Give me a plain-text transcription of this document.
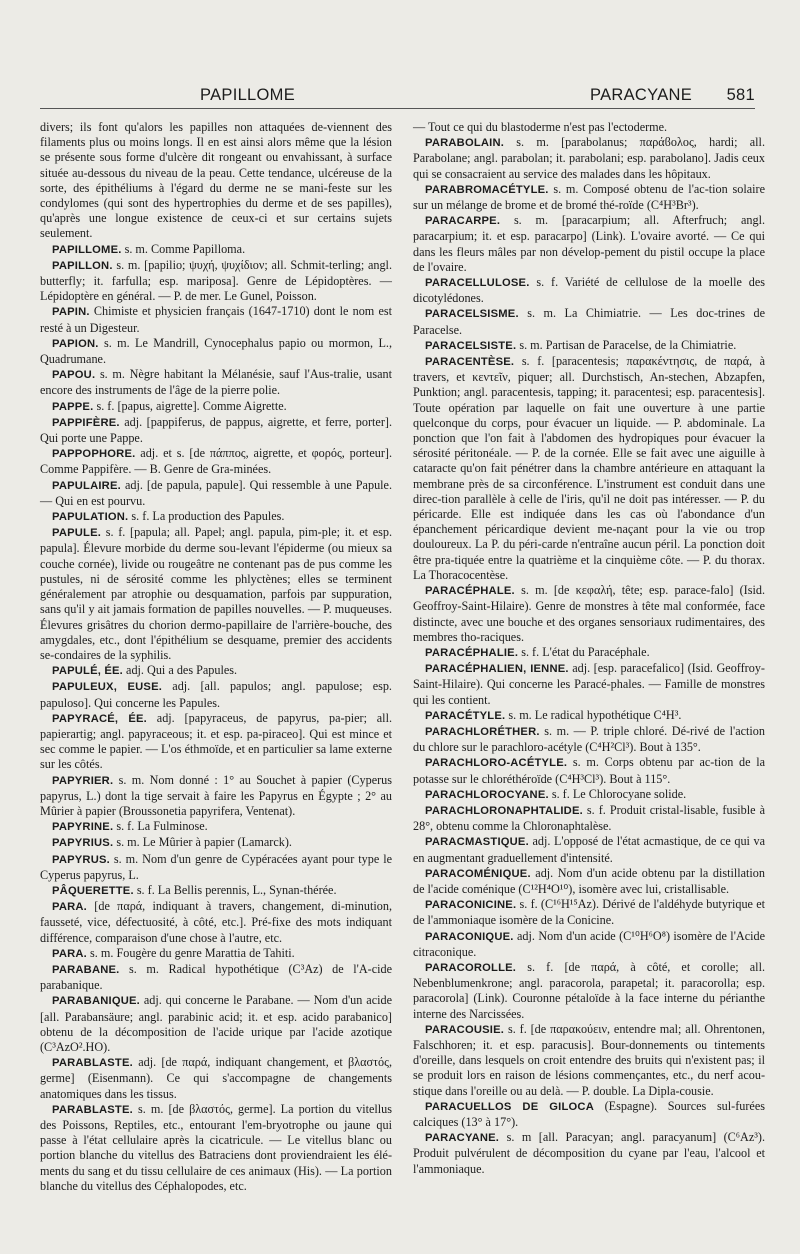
PAPILLOME	PARACYANE 581

divers; ils font qu'alors les papilles non attaquées de-viennent des filaments plus ou moins longs. Il en est ainsi alors même que la lésion se présente sous forme d'ulcère dit rongeant ou envahissant, à surface située au-dessous du niveau de la peau. Cette tendance, ulcéreuse de la sorte, des épithéliums à l'égard du derme ne se mani-feste sur les condylomes (qui sont des hypertrophies du derme et de ses papilles), qu'après une longue existence de ceux-ci et sur certains sujets seulement.

PAPILLOME. s. m. Comme Papilloma.

PAPILLON. s. m. [papilio; ψυχή, ψυχίδιον; all. Schmit-terling; angl. butterfly; it. farfulla; esp. mariposa]. Genre de Lépidoptères. — Lépidoptère en général. — P. de mer. Le Gunel, Poisson.

PAPIN. Chimiste et physicien français (1647-1710) dont le nom est resté à un Digesteur.

PAPION. s. m. Le Mandrill, Cynocephalus papio ou mormon, L., Quadrumane.

PAPOU. s. m. Nègre habitant la Mélanésie, sauf l'Aus-tralie, usant encore des instruments de l'âge de la pierre polie.

PAPPE. s. f. [papus, aigrette]. Comme Aigrette.

PAPPIFÈRE. adj. [pappiferus, de pappus, aigrette, et ferre, porter]. Qui porte une Pappe.

PAPPOPHORE. adj. et s. [de πάππος, aigrette, et φορός, porteur]. Comme Pappifère. — B. Genre de Gra-minées.

PAPULAIRE. adj. [de papula, papule]. Qui ressemble à une Papule. — Qui en est pourvu.

PAPULATION. s. f. La production des Papules.

PAPULE. s. f. [papula; all. Papel; angl. papula, pim-ple; it. et esp. papula]. Élevure morbide du derme sou-levant l'épiderme (ou mieux sa couche cornée), livide ou rougeâtre ne contenant pas de pus comme les pustules, ni de sérosité comme les phlyctènes; elles se terminent généralement par atrophie ou desquamation, parfois par suppuration, sans qu'il y ait jamais formation de papilles nouvelles. — P. muqueuses. Élevures grisâtres du chorion dermo-papillaire de l'arrière-bouche, des amygdales, etc., dont l'épithélium se desquame, premier des accidents se-condaires de la syphilis.

PAPULÉ, ÉE. adj. Qui a des Papules.

PAPULEUX, EUSE. adj. [all. papulos; angl. papulose; esp. papuloso]. Qui concerne les Papules.

PAPYRACÉ, ÉE. adj. [papyraceus, de papyrus, pa-pier; all. papierartig; angl. papyraceous; it. et esp. pa-piraceo]. Qui est mince et sec comme le papier. — L'os éthmoïde, et en particulier sa lame externe sur les côtés.

PAPYRIER. s. m. Nom donné : 1° au Souchet à papier (Cyperus papyrus, L.) dont la tige servait à faire les Papyrus en Égypte ; 2° au Mûrier à papier (Broussonetia papyrifera, Ventenat).

PAPYRINE. s. f. La Fulminose.

PAPYRIUS. s. m. Le Mûrier à papier (Lamarck).

PAPYRUS. s. m. Nom d'un genre de Cypéracées ayant pour type le Cyperus papyrus, L.

PÂQUERETTE. s. f. La Bellis perennis, L., Synan-thérée.

PARA. [de παρά, indiquant à travers, changement, di-minution, fausseté, vice, défectuosité, à côté, etc.]. Pré-fixe des mots indiquant différence, comparaison d'une chose à l'autre, etc.

PARA. s. m. Fougère du genre Marattia de Tahiti.

PARABANE. s. m. Radical hypothétique (C³Az) de l'A-cide parabanique.

PARABANIQUE. adj. qui concerne le Parabane. — Nom d'un acide [all. Parabansäure; angl. parabinic acid; it. et esp. acido parabanico] obtenu de la décomposition de l'acide urique par l'acide azotique (C³AzO².HO).

PARABLASTE. adj. [de παρά, indiquant changement, et βλαστός, germe] (Eisenmann). Ce qui s'accompagne de changements anatomiques dans les tissus.

PARABLASTE. s. m. [de βλαστός, germe]. La portion du vitellus des Poissons, Reptiles, etc., entourant l'em-bryotrophe ou jaune qui passe à l'état cellulaire après la cicatricule. — Le vitellus blanc ou portion blanche du vitellus des Batraciens dont proviendraient les élé-ments du sang et du tissu cellulaire de ces animaux (His). — La portion blanche du vitellus des Céphalopodes, etc.

— Tout ce qui du blastoderme n'est pas l'ectoderme.

PARABOLAIN. s. m. [parabolanus; παράϐολος, hardi; all. Parabolane; angl. parabolan; it. parabolani; esp. parabolano]. Jadis ceux qui se consacraient au service des malades dans les hôpitaux.

PARABROMACÉTYLE. s. m. Composé obtenu de l'ac-tion solaire sur un mélange de brome et de bromé thé-roïde (C⁴H³Br³).

PARACARPE. s. m. [paracarpium; all. Afterfruch; angl. paracarpium; it. et esp. paracarpo] (Link). L'ovaire avorté. — Ce qui dans les fleurs mâles par non dévelop-pement du pistil occupe la place de l'ovaire.

PARACELLULOSE. s. f. Variété de cellulose de la moelle des dicotylédones.

PARACELSISME. s. m. La Chimiatrie. — Les doc-trines de Paracelse.

PARACELSISTE. s. m. Partisan de Paracelse, de la Chimiatrie.

PARACENTÈSE. s. f. [paracentesis; παρακέντησις, de παρά, à travers, et κεντεῖν, piquer; all. Durchstisch, An-stechen, Abzapfen, Punktion; angl. paracentesis, tapping; it. paracentesi; esp. paracentesis]. Toute opération par laquelle on fait une ouverture à une partie quelconque du corps, pour évacuer un liquide. — P. abdominale. La ponction que l'on fait à l'abdomen des hydropiques pour évacuer la sérosité péritonéale. — P. de la cornée. Elle se fait avec une aiguille à cataracte qu'on fait pénétrer dans la chambre antérieure en attaquant la membrane près de sa circonférence. L'instrument est conduit dans une direc-tion parallèle à celle de l'iris, qu'il ne doit pas intéresser. — P. du péricarde. Elle est indiquée dans les cas où l'abondance d'un épanchement péricardique devient me-naçant pour la vie ou trop douloureux. La P. du péri-carde n'entraîne aucun péril. La ponction doit être pra-tiquée entre la quatrième et la cinquième côte. — P. du thorax. La Thoracocentèse.

PARACÉPHALE. s. m. [de κεφαλή, tête; esp. parace-falo] (Isid. Geoffroy-Saint-Hilaire). Genre de monstres à tête mal conformée, face distincte, avec une bouche et des organes sensoriaux rudimentaires, des membres tho-raciques.

PARACÉPHALIE. s. f. L'état du Paracéphale.

PARACÉPHALIEN, IENNE. adj. [esp. paracefalico] (Isid. Geoffroy-Saint-Hilaire). Qui concerne les Paracé-phales. — Famille de monstres qui les contient.

PARACÉTYLE. s. m. Le radical hypothétique C⁴H³.

PARACHLORÉTHER. s. m. — P. triple chloré. Dé-rivé de l'action du chlore sur le parachloro-acétyle (C⁴H²Cl³). Bout à 135°.

PARACHLORO-ACÉTYLE. s. m. Corps obtenu par ac-tion de la potasse sur le chloréthéroïde (C⁴H³Cl³). Bout à 115°.

PARACHLOROCYANE. s. f. Le Chlorocyane solide.

PARACHLORONAPHTALIDE. s. f. Produit cristal-lisable, fusible à 28°, obtenu comme la Chloronaphtalèse.

PARACMASTIQUE. adj. L'opposé de l'état acmastique, de ce qui va en augmentant graduellement d'intensité.

PARACOMÉNIQUE. adj. Nom d'un acide obtenu par la distillation de l'acide coménique (C¹²H⁴O¹⁰), isomère avec lui, cristallisable.

PARACONICINE. s. f. (C¹⁶H¹⁵Az). Dérivé de l'aldéhyde butyrique et de l'ammoniaque isomère de la Conicine.

PARACONIQUE. adj. Nom d'un acide (C¹⁰H⁶O⁸) isomère de l'Acide citraconique.

PARACOROLLE. s. f. [de παρά, à côté, et corolle; all. Nebenblumenkrone; angl. paracorola, parapetal; it. paracorolla; esp. paracorola] (Link). Couronne pétaloïde à la face interne du périanthe interne des Narcissées.

PARACOUSIE. s. f. [de παρακούειν, entendre mal; all. Ohrentonen, Falschhoren; it. et esp. paracusis]. Bour-donnements ou tintements d'oreille, dans lesquels on croit entendre des bruits qui n'existent pas; il se produit lors en raison de lésions commençantes, etc., du nerf acou-stique dans l'oreille ou au delà. — P. double. La Dipla-cousie.

PARACUELLOS DE GILOCA (Espagne). Sources sul-furées calciques (13° à 17°).

PARACYANE. s. m [all. Paracyan; angl. paracyanum] (C⁶Az³). Produit pulvérulent de décomposition du cyane par l'eau, l'alcool et l'ammoniaque.
